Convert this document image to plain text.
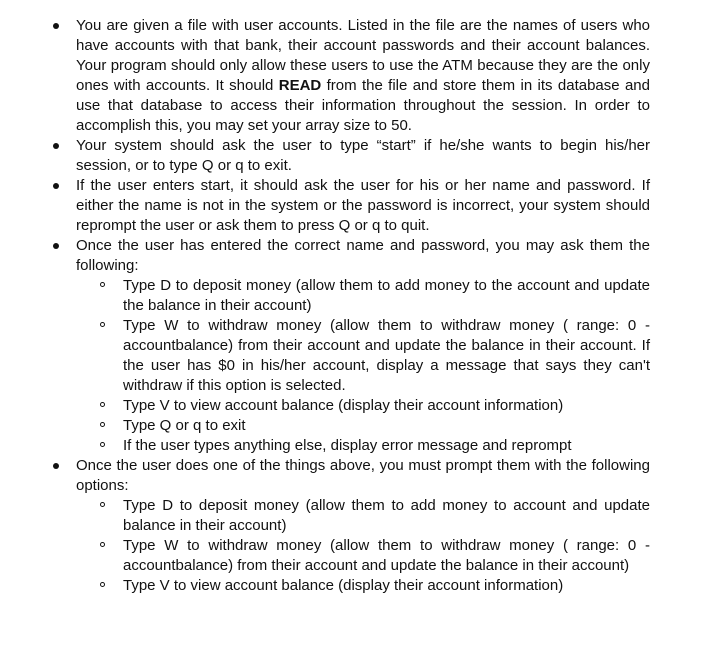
You are given a file with user accounts. Listed in the file are the names of users who have accounts with that bank, their account passwords and their account balances. Your program should only allow these users to use the ATM because they are the only ones with accounts. It should READ from the file and store them in its database and use that database to access their information throughout the session. In order to accomplish this, you may set your array size to 50.
Your system should ask the user to type “start” if he/she wants to begin his/her session, or to type Q or q to exit.
If the user enters start, it should ask the user for his or her name and password. If either the name is not in the system or the password is incorrect, your system should reprompt the user or ask them to press Q or q to quit.
Once the user has entered the correct name and password, you may ask them the following:
Type D to deposit money (allow them to add money to the account and update the balance in their account)
Type W to withdraw money (allow them to withdraw money ( range: 0 - accountbalance) from their account and update the balance in their account. If the user has $0 in his/her account, display a message that says they can't withdraw if this option is selected.
Type V to view account balance (display their account information)
Type Q or q to exit
If the user types anything else, display error message and reprompt
Once the user does one of the things above, you must prompt them with the following options:
Type D to deposit money (allow them to add money to account and update balance in their account)
Type W to withdraw money (allow them to withdraw money ( range: 0 - accountbalance) from their account and update the balance in their account)
Type V to view account balance (display their account information)
